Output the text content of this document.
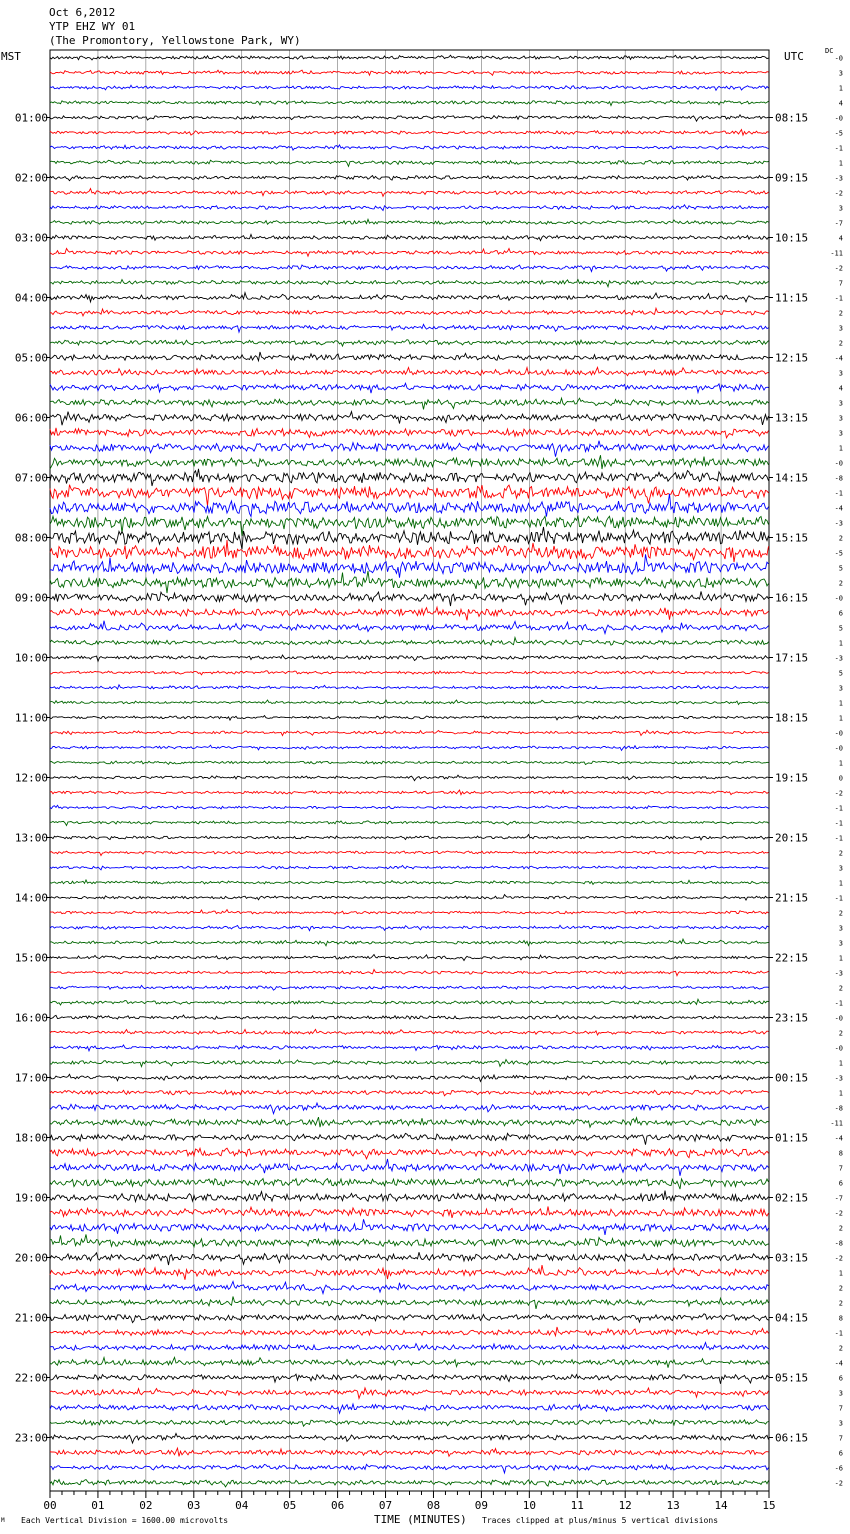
Oct 6,2012
YTP EHZ WY 01
(The Promontory, Yellowstone Park, WY)
MST	UTC	DC
01:00
02:00
03:00
04:00
05:00
06:00
07:00
08:00
09:00
10:00
11:00
12:00
13:00
14:00
15:00
16:00
17:00
18:00
19:00
20:00
21:00
22:00
23:00
08:15
09:15
10:15
11:15
12:15
13:15
14:15
15:15
16:15
17:15
18:15
19:15
20:15
21:15
22:15
23:15
00:15
01:15
02:15
03:15
04:15
05:15
06:15
-0
3
1
4
-0
-5
-1
1
-3
-2
3
-7
4
-11
-2
7
-1
2
3
2
-4
3
4
3
3
3
1
-0
-8
-1
-4
-3
2
-5
5
2
-0
6
5
1
-3
5
3
1
1
-0
-0
1
0
-2
-1
-1
-1
2
3
1
-1
2
3
3
1
-3
2
-1
-0
2
-0
1
-3
1
-8
-11
-4
8
7
6
-7
-2
2
-8
-2
1
2
2
8
-1
2
-4
6
3
7
3
7
6
-6
-2
00	01	02	03	04	05	06	07	08	09	10	11	12	13	14	15
M Each Vertical Division = 1600.00 microvolts	TIME (MINUTES) Traces clipped at plus/minus 5 vertical divisions
